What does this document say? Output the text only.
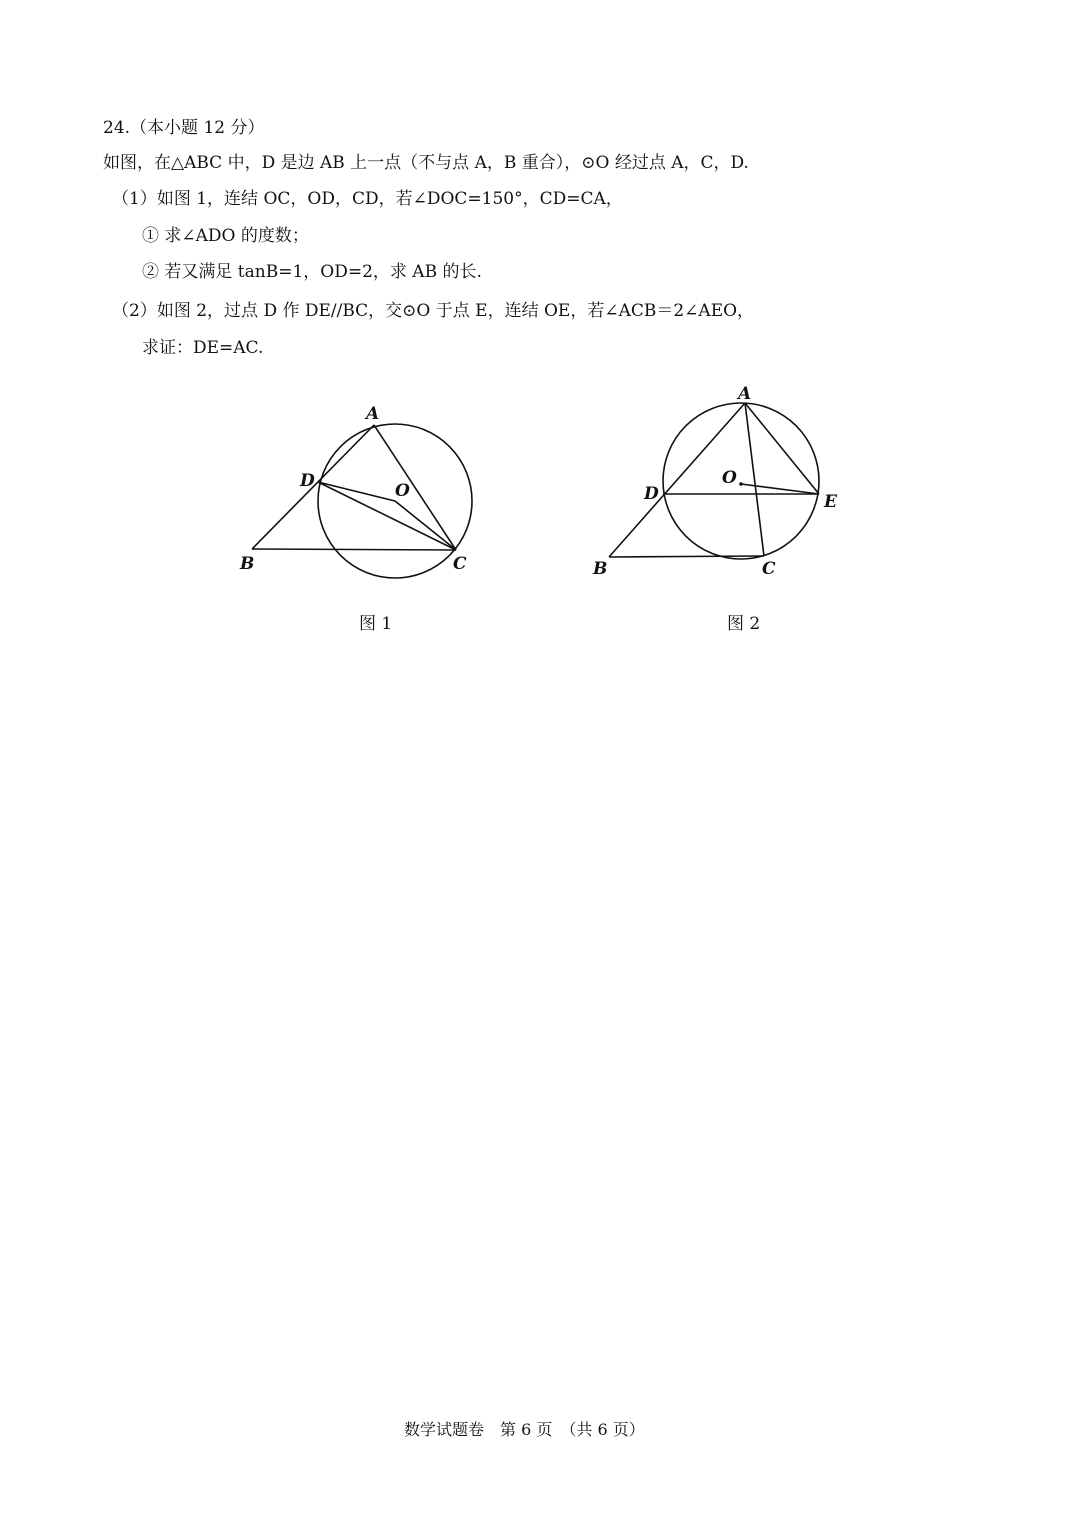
24.（本小题 12 分）
如图，在△ABC 中，D 是边 AB 上一点（不与点 A，B 重合），⊙O 经过点 A，C，D.
（1）如图 1，连结 OC，OD，CD，若∠DOC=150°，CD=CA，
① 求∠ADO 的度数；
② 若又满足 tanB=1，OD=2，求 AB 的长.
（2）如图 2，过点 D 作 DE//BC，交⊙O 于点 E，连结 OE，若∠ACB＝2∠AEO，
求证：DE=AC.
A
B	C
D	O
图 1
A
B	C
D	E
O
图 2
数学试题卷　第 6 页　（共 6 页）
